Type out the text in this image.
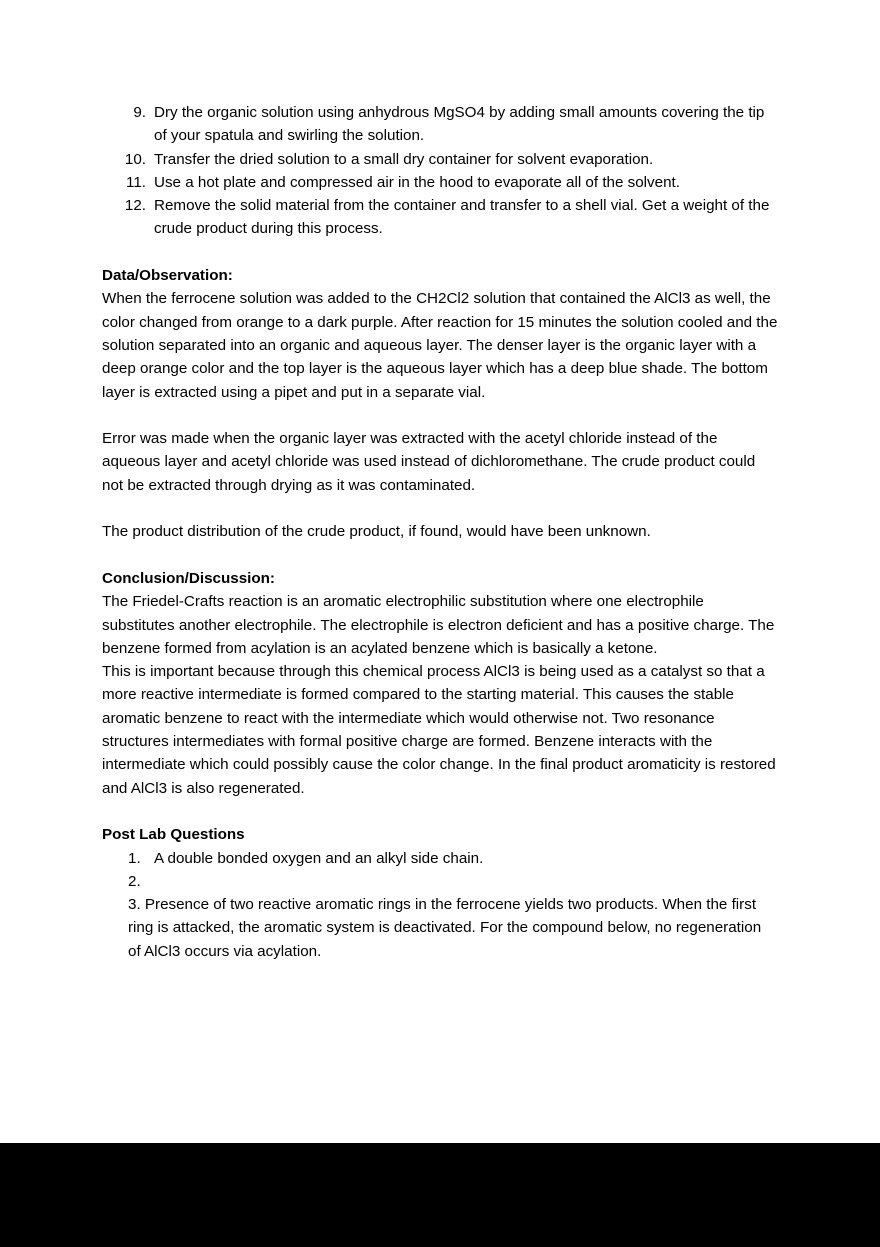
9. Dry the organic solution using anhydrous MgSO4 by adding small amounts covering the tip of your spatula and swirling the solution.
10. Transfer the dried solution to a small dry container for solvent evaporation.
11. Use a hot plate and compressed air in the hood to evaporate all of the solvent.
12. Remove the solid material from the container and transfer to a shell vial. Get a weight of the crude product during this process.
Data/Observation:

When the ferrocene solution was added to the CH2Cl2 solution that contained the AlCl3 as well, the color changed from orange to a dark purple. After reaction for 15 minutes the solution cooled and the solution separated into an organic and aqueous layer. The denser layer is the organic layer with a deep orange color and the top layer is the aqueous layer which has a deep blue shade. The bottom layer is extracted using a pipet and put in a separate vial.

Error was made when the organic layer was extracted with the acetyl chloride instead of the aqueous layer and acetyl chloride was used instead of dichloromethane. The crude product could not be extracted through drying as it was contaminated.

The product distribution of the crude product, if found, would have been unknown.

Conclusion/Discussion:

The Friedel-Crafts reaction is an aromatic electrophilic substitution where one electrophile substitutes another electrophile. The electrophile is electron deficient and has a positive charge. The benzene formed from acylation is an acylated benzene which is basically a ketone.

This is important because through this chemical process AlCl3 is being used as a catalyst so that a more reactive intermediate is formed compared to the starting material. This causes the stable aromatic benzene to react with the intermediate which would otherwise not. Two resonance structures intermediates with formal positive charge are formed. Benzene interacts with the intermediate which could possibly cause the color change. In the final product aromaticity is restored and AlCl3 is also regenerated.

Post Lab Questions
1. A double bonded oxygen and an alkyl side chain.
2.
3. Presence of two reactive aromatic rings in the ferrocene yields two products. When the first ring is attacked, the aromatic system is deactivated. For the compound below, no regeneration of AlCl3 occurs via acylation.
